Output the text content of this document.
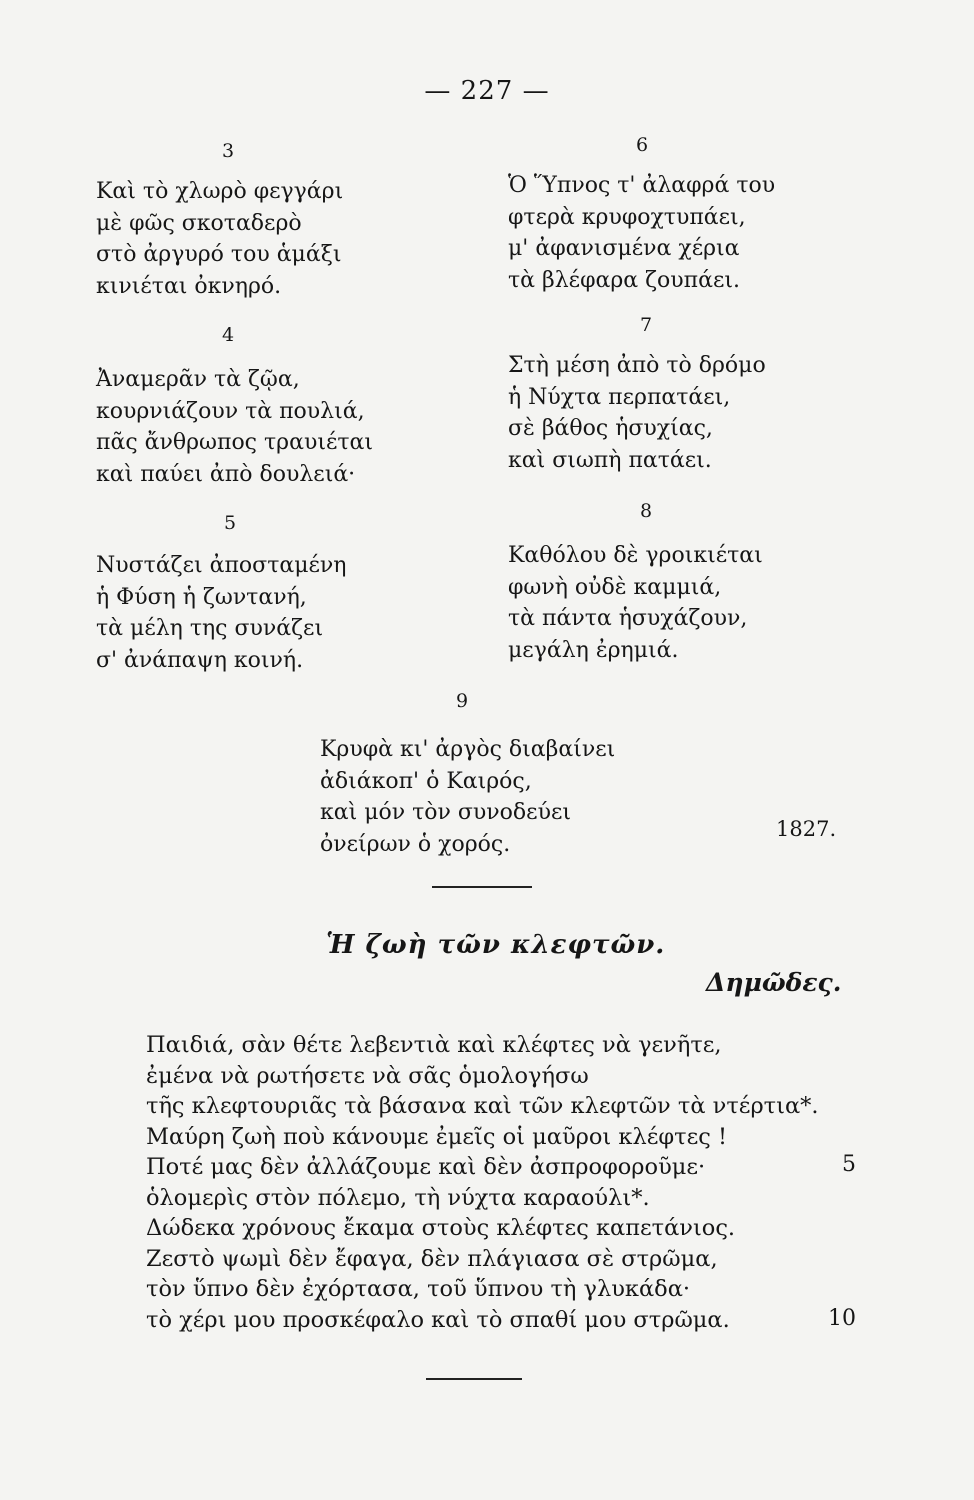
— 227 —
3
Καὶ τὸ χλωρὸ φεγγάρι
μὲ φῶς σκοταδερὸ
στὸ ἀργυρό του ἁμάξι
κινιέται ὀκνηρό.
4
Ἀναμερᾶν τὰ ζῷα,
κουρνιάζουν τὰ πουλιά,
πᾶς ἄνθρωπος τραυιέται
καὶ παύει ἀπὸ δουλειά·
5
Νυστάζει ἀποσταμένη
ἡ Φύση ἡ ζωντανή,
τὰ μέλη της συνάζει
σ' ἀνάπαψη κοινή.
6
Ὁ Ὕπνος τ' ἀλαφρά του
φτερὰ κρυφοχτυπάει,
μ' ἀφανισμένα χέρια
τὰ βλέφαρα ζουπάει.
7
Στὴ μέση ἀπὸ τὸ δρόμο
ἡ Νύχτα περπατάει,
σὲ βάθος ἡσυχίας,
καὶ σιωπὴ πατάει.
8
Καθόλου δὲ γροικιέται
φωνὴ οὐδὲ καμμιά,
τὰ πάντα ἡσυχάζουν,
μεγάλη ἐρημιά.
9
Κρυφὰ κι' ἀργὸς διαβαίνει
ἀδιάκοπ' ὁ Καιρός,
καὶ μόν τὸν συνοδεύει
ὀνείρων ὁ χορός.
1827.
Ἡ ζωὴ τῶν κλεφτῶν.
Δημῶδες.
Παιδιά, σὰν θέτε λεβεντιὰ καὶ κλέφτες νὰ γενῆτε,
ἐμένα νὰ ρωτήσετε νὰ σᾶς ὁμολογήσω
τῆς κλεφτουριᾶς τὰ βάσανα καὶ τῶν κλεφτῶν τὰ ντέρτια*.
Μαύρη ζωὴ ποὺ κάνουμε ἐμεῖς οἱ μαῦροι κλέφτες !
Ποτέ μας δὲν ἀλλάζουμε καὶ δὲν ἀσπροφοροῦμε·
ὁλομερὶς στὸν πόλεμο, τὴ νύχτα καραούλι*.
Δώδεκα χρόνους ἔκαμα στοὺς κλέφτες καπετάνιος.
Ζεστὸ ψωμὶ δὲν ἔφαγα, δὲν πλάγιασα σὲ στρῶμα,
τὸν ὕπνο δὲν ἐχόρτασα, τοῦ ὕπνου τὴ γλυκάδα·
τὸ χέρι μου προσκέφαλο καὶ τὸ σπαθί μου στρῶμα.
5
10
